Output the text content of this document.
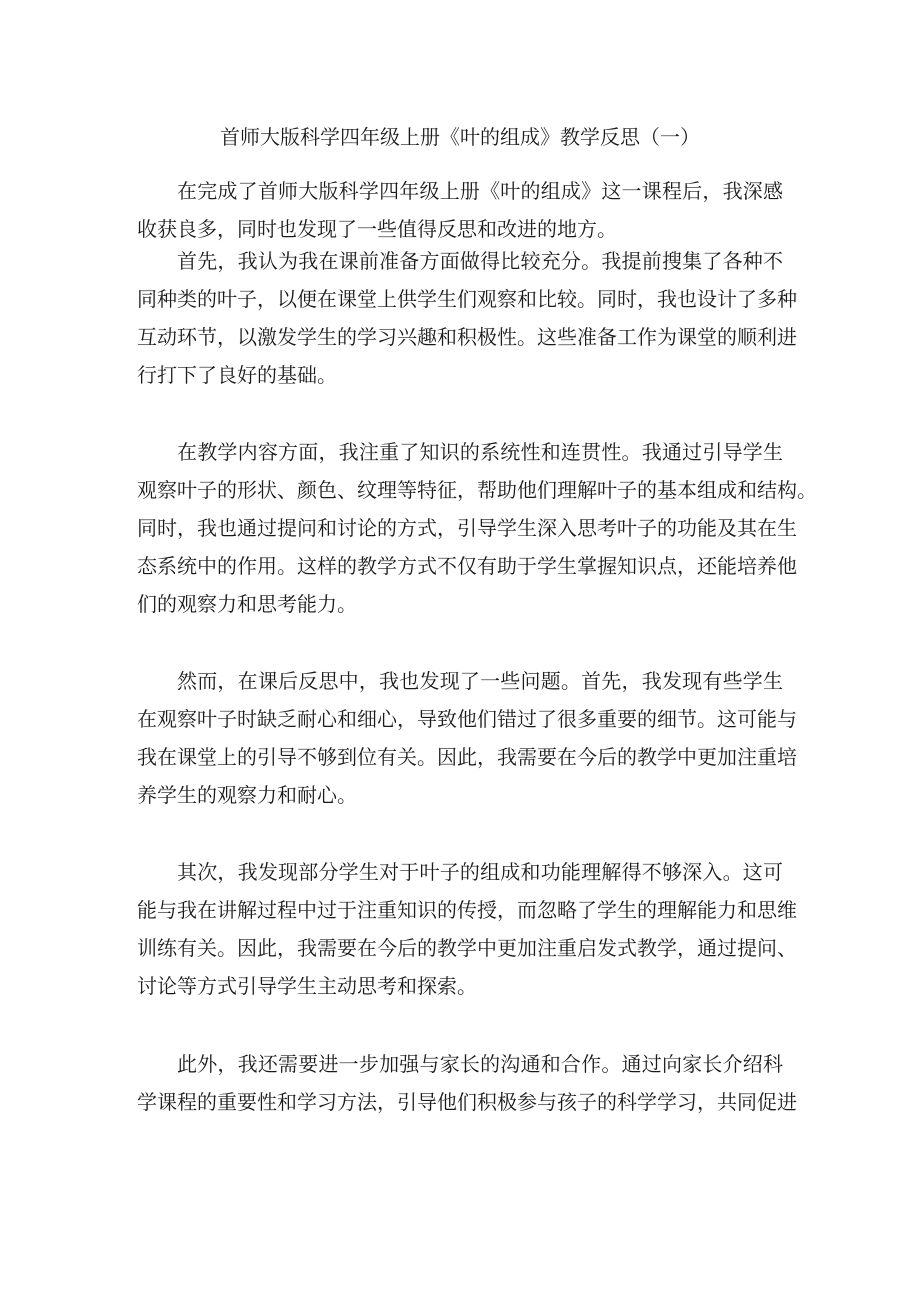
首师大版科学四年级上册《叶的组成》教学反思（一）
在完成了首师大版科学四年级上册《叶的组成》这一课程后，我深感
收获良多，同时也发现了一些值得反思和改进的地方。
首先，我认为我在课前准备方面做得比较充分。我提前搜集了各种不
同种类的叶子，以便在课堂上供学生们观察和比较。同时，我也设计了多种
互动环节，以激发学生的学习兴趣和积极性。这些准备工作为课堂的顺利进
行打下了良好的基础。
在教学内容方面，我注重了知识的系统性和连贯性。我通过引导学生
观察叶子的形状、颜色、纹理等特征，帮助他们理解叶子的基本组成和结构。
同时，我也通过提问和讨论的方式，引导学生深入思考叶子的功能及其在生
态系统中的作用。这样的教学方式不仅有助于学生掌握知识点，还能培养他
们的观察力和思考能力。
然而，在课后反思中，我也发现了一些问题。首先，我发现有些学生
在观察叶子时缺乏耐心和细心，导致他们错过了很多重要的细节。这可能与
我在课堂上的引导不够到位有关。因此，我需要在今后的教学中更加注重培
养学生的观察力和耐心。
其次，我发现部分学生对于叶子的组成和功能理解得不够深入。这可
能与我在讲解过程中过于注重知识的传授，而忽略了学生的理解能力和思维
训练有关。因此，我需要在今后的教学中更加注重启发式教学，通过提问、
讨论等方式引导学生主动思考和探索。
此外，我还需要进一步加强与家长的沟通和合作。通过向家长介绍科
学课程的重要性和学习方法，引导他们积极参与孩子的科学学习，共同促进
